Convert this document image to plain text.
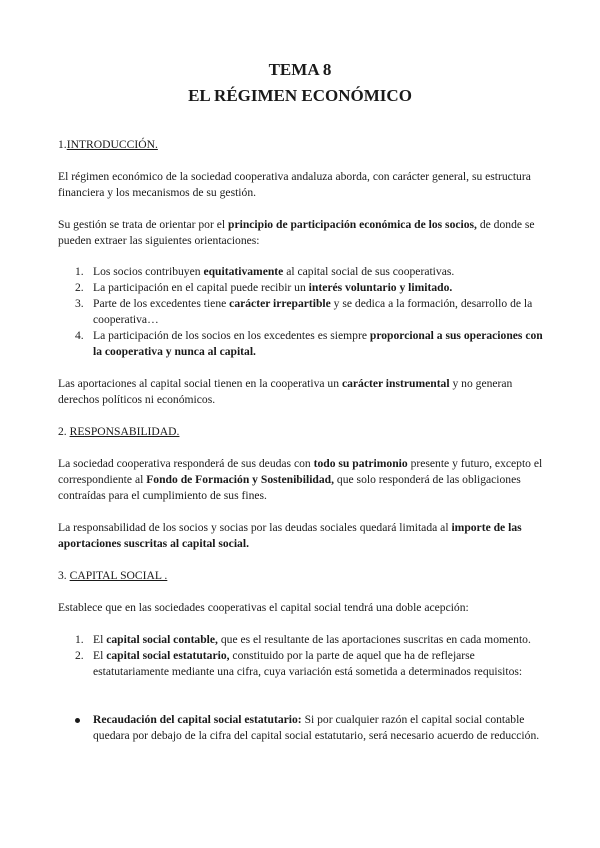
TEMA 8
EL RÉGIMEN ECONÓMICO

1.INTRODUCCIÓN.

El régimen económico de la sociedad cooperativa andaluza aborda, con carácter general, su estructura financiera y los mecanismos de su gestión.

Su gestión se trata de orientar por el principio de participación económica de los socios, de donde se pueden extraer las siguientes orientaciones:

1. Los socios contribuyen equitativamente al capital social de sus cooperativas.

2. La participación en el capital puede recibir un interés voluntario y limitado.

3. Parte de los excedentes tiene carácter irrepartible y se dedica a la formación, desarrollo de la cooperativa…

4. La participación de los socios en los excedentes es siempre proporcional a sus operaciones con la cooperativa y nunca al capital.

Las aportaciones al capital social tienen en la cooperativa un carácter instrumental y no generan derechos políticos ni económicos.

2. RESPONSABILIDAD.

La sociedad cooperativa responderá de sus deudas con todo su patrimonio presente y futuro, excepto el correspondiente al Fondo de Formación y Sostenibilidad, que solo responderá de las obligaciones contraídas para el cumplimiento de sus fines.

La responsabilidad de los socios y socias por las deudas sociales quedará limitada al importe de las aportaciones suscritas al capital social.

3. CAPITAL SOCIAL .

Establece que en las sociedades cooperativas el capital social tendrá una doble acepción:

1. El capital social contable, que es el resultante de las aportaciones suscritas en cada momento.

2. El capital social estatutario, constituido por la parte de aquel que ha de reflejarse estatutariamente mediante una cifra, cuya variación está sometida a determinados requisitos:

Recaudación del capital social estatutario: Si por cualquier razón el capital social contable quedara por debajo de la cifra del capital social estatutario, será necesario acuerdo de reducción.
